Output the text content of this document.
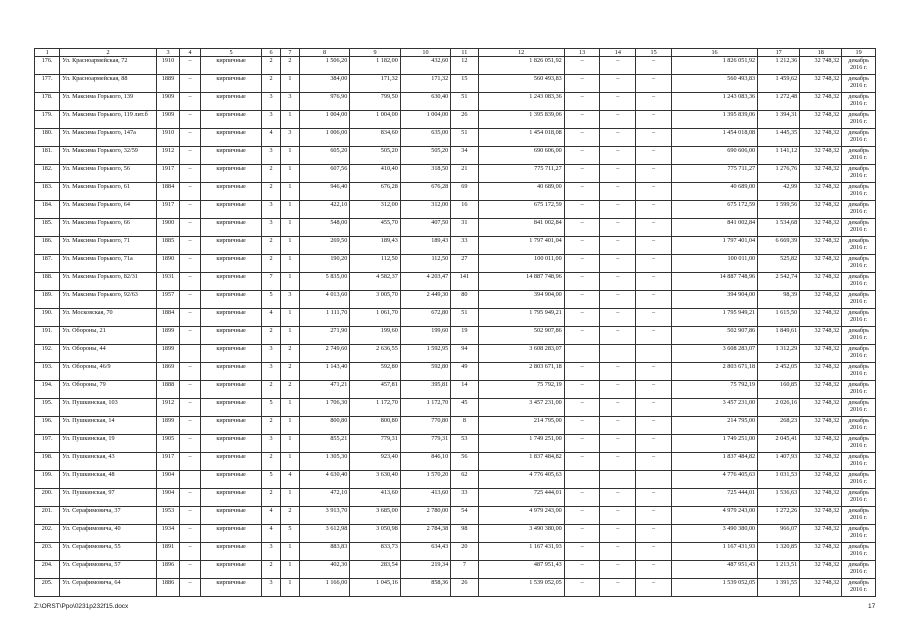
1	2	3	4	5	6	7	8	9	10	11	12	13	14	15	16	17	18	19
176.	Ул. Красноармейская, 72	1910	–	кирпичные	2	2	1 506,20	1 182,00	432,60	12	1 826 051,92	–	–	–	1 826 051,92	1 212,36	32 748,32	декабрь 2016 г.
177.	Ул. Красноармейская, 88	1889	–	кирпичные	2	1	384,00	171,32	171,32	15	560 493,83	–	–	–	560 493,83	1 459,62	32 748,32	декабрь 2016 г.
178.	Ул. Максима Горького, 139	1909	–	кирпичные	3	3	976,90	799,50	630,40	51	1 243 083,36	–	–	–	1 243 083,36	1 272,48	32 748,32	декабрь 2016 г.
179.	Ул. Максима Горького, 119 лит.б	1909	–	кирпичные	3	1	1 004,00	1 004,00	1 004,00	26	1 395 839,06	–	–	–	1 395 839,06	1 394,31	32 748,32	декабрь 2016 г.
180.	Ул. Максима Горького, 147а	1910	–	кирпичные	4	3	1 006,00	834,60	635,00	51	1 454 018,08	–	–	–	1 454 018,08	1 445,35	32 748,32	декабрь 2016 г.
181.	Ул. Максима Горького, 32/59	1912	–	кирпичные	3	1	605,20	505,20	505,20	34	690 606,00	–	–	–	690 606,00	1 141,12	32 748,32	декабрь 2016 г.
182.	Ул. Максима Горького, 56	1917	–	кирпичные	2	1	607,56	410,40	318,50	21	775 711,27	–	–	–	775 711,27	1 276,76	32 748,32	декабрь 2016 г.
183.	Ул. Максима Горького, 61	1884	–	кирпичные	2	1	946,40	676,28	676,28	69	40 689,00	–	–	–	40 689,00	42,99	32 748,32	декабрь 2016 г.
184.	Ул. Максима Горького, 64	1917	–	кирпичные	3	1	422,10	312,00	312,00	16	675 172,59	–	–	–	675 172,59	1 599,56	32 748,32	декабрь 2016 г.
185.	Ул. Максима Горького, 66	1900	–	кирпичные	3	1	548,00	455,70	407,50	31	841 002,84	–	–	–	841 002,84	1 534,68	32 748,32	декабрь 2016 г.
186.	Ул. Максима Горького, 71	1885	–	кирпичные	2	1	269,50	189,43	189,43	33	1 797 401,04	–	–	–	1 797 401,04	6 669,39	32 748,32	декабрь 2016 г.
187.	Ул. Максима Горького, 71а	1890	–	кирпичные	2	1	190,20	112,50	112,50	27	100 011,00	–	–	–	100 011,00	525,82	32 748,32	декабрь 2016 г.
188.	Ул. Максима Горького, 82/31	1931	–	кирпичные	7	1	5 835,00	4 582,37	4 203,47	141	14 887 748,96	–	–	–	14 887 748,96	2 542,74	32 748,32	декабрь 2016 г.
189.	Ул. Максима Горького, 92/63	1957	–	кирпичные	5	3	4 013,60	3 005,70	2 449,30	80	394 904,00	–	–	–	394 904,00	98,39	32 748,32	декабрь 2016 г.
190.	Ул. Московская, 70	1884	–	кирпичные	4	1	1 111,70	1 061,70	672,80	51	1 795 949,21	–	–	–	1 795 949,21	1 615,50	32 748,32	декабрь 2016 г.
191.	Ул. Обороны, 21	1899	–	кирпичные	2	1	271,90	199,60	199,60	19	502 907,86	–	–	–	502 907,86	1 849,61	32 748,32	декабрь 2016 г.
192.	Ул. Обороны, 44	1899		кирпичные	3	2	2 749,60	2 636,55	1 592,95	94	3 608 283,07				3 608 283,07	1 312,29	32 748,32	декабрь 2016 г.
193.	Ул. Обороны, 46/9	1869	–	кирпичные	3	2	1 143,40	592,80	592,80	49	2 803 671,18	–	–	–	2 803 671,18	2 452,05	32 748,32	декабрь 2016 г.
194.	Ул. Обороны, 79	1888	–	кирпичные	2	2	471,21	457,81	395,81	14	75 792,19	–	–	–	75 792,19	160,85	32 748,32	декабрь 2016 г.
195.	Ул. Пушкинская, 103	1912	–	кирпичные	5	1	1 706,30	1 172,70	1 172,70	45	3 457 231,00	–	–	–	3 457 231,00	2 026,16	32 748,32	декабрь 2016 г.
196.	Ул. Пушкинская, 14	1899	–	кирпичные	2	1	800,80	800,80	770,80	8	214 795,00	–	–	–	214 795,00	268,23	32 748,32	декабрь 2016 г.
197.	Ул. Пушкинская, 19	1905	–	кирпичные	3	1	855,21	779,31	779,31	53	1 749 251,00	–	–	–	1 749 251,00	2 045,41	32 748,32	декабрь 2016 г.
198.	Ул. Пушкинская, 43	1917	–	кирпичные	2	1	1 305,30	923,40	846,10	56	1 837 484,82	–	–	–	1 837 484,82	1 407,93	32 748,32	декабрь 2016 г.
199.	Ул. Пушкинская, 48	1904		кирпичные	5	4	4 630,40	3 630,40	1 570,20	62	4 776 405,63				4 776 405,63	1 031,53	32 748,32	декабрь 2016 г.
200.	Ул. Пушкинская, 97	1904	–	кирпичные	2	1	472,10	413,60	413,60	33	725 444,01	–	–	–	725 444,01	1 536,63	32 748,32	декабрь 2016 г.
201.	Ул. Серафимовича, 37	1953	–	кирпичные	4	2	3 913,70	3 685,00	2 780,00	54	4 979 243,00	–	–	–	4 979 243,00	1 272,26	32 748,32	декабрь 2016 г.
202.	Ул. Серафимовича, 40	1934	–	кирпичные	4	5	3 612,98	3 050,98	2 784,38	98	3 490 380,00	–	–	–	3 490 380,00	966,07	32 748,32	декабрь 2016 г.
203.	Ул. Серафимовича, 55	1891	–	кирпичные	3	1	883,83	833,73	634,43	20	1 167 431,93	–	–	–	1 167 431,93	1 320,85	32 748,32	декабрь 2016 г.
204.	Ул. Серафимовича, 57	1896	–	кирпичные	2	1	402,30	283,54	219,34	7	487 951,43	–	–	–	487 951,43	1 213,51	32 748,32	декабрь 2016 г.
205.	Ул. Серафимовича, 64	1886	–	кирпичные	3	1	1 166,00	1 045,16	858,36	26	1 539 052,05	–	–	–	1 539 052,05	1 391,55	32 748,32	декабрь 2016 г.
Z:\ORST\Ppo\0231p232f15.docx	17
